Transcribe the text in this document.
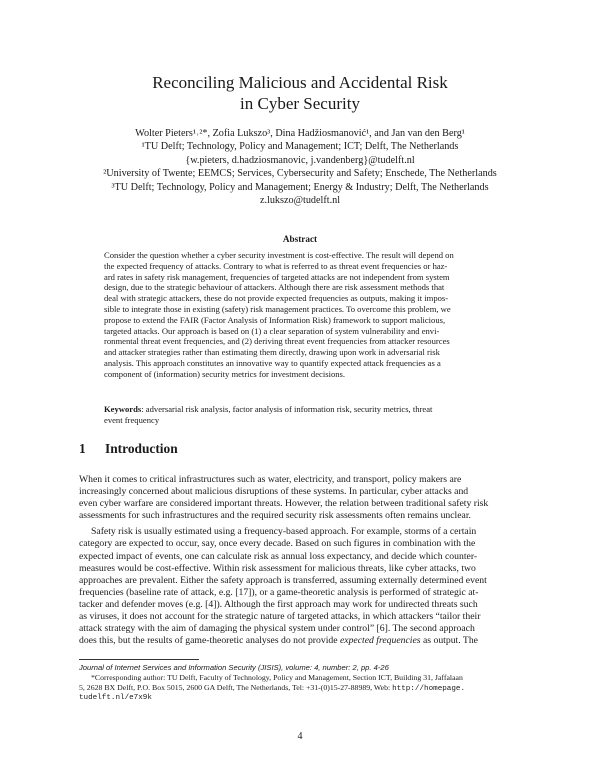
Reconciling Malicious and Accidental Risk
in Cyber Security
Wolter Pieters¹˒²*, Zofia Lukszo³, Dina Hadžiosmanović¹, and Jan van den Berg¹
¹TU Delft; Technology, Policy and Management; ICT; Delft, The Netherlands
{w.pieters, d.hadziosmanovic, j.vandenberg}@tudelft.nl
²University of Twente; EEMCS; Services, Cybersecurity and Safety; Enschede, The Netherlands
³TU Delft; Technology, Policy and Management; Energy & Industry; Delft, The Netherlands
z.lukszo@tudelft.nl
Abstract
Consider the question whether a cyber security investment is cost-effective. The result will depend on
the expected frequency of attacks. Contrary to what is referred to as threat event frequencies or haz-
ard rates in safety risk management, frequencies of targeted attacks are not independent from system
design, due to the strategic behaviour of attackers. Although there are risk assessment methods that
deal with strategic attackers, these do not provide expected frequencies as outputs, making it impos-
sible to integrate those in existing (safety) risk management practices. To overcome this problem, we
propose to extend the FAIR (Factor Analysis of Information Risk) framework to support malicious,
targeted attacks. Our approach is based on (1) a clear separation of system vulnerability and envi-
ronmental threat event frequencies, and (2) deriving threat event frequencies from attacker resources
and attacker strategies rather than estimating them directly, drawing upon work in adversarial risk
analysis. This approach constitutes an innovative way to quantify expected attack frequencies as a
component of (information) security metrics for investment decisions.
Keywords: adversarial risk analysis, factor analysis of information risk, security metrics, threat
event frequency
1 Introduction
When it comes to critical infrastructures such as water, electricity, and transport, policy makers are
increasingly concerned about malicious disruptions of these systems. In particular, cyber attacks and
even cyber warfare are considered important threats. However, the relation between traditional safety risk
assessments for such infrastructures and the required security risk assessments often remains unclear.
Safety risk is usually estimated using a frequency-based approach. For example, storms of a certain
category are expected to occur, say, once every decade. Based on such figures in combination with the
expected impact of events, one can calculate risk as annual loss expectancy, and decide which counter-
measures would be cost-effective. Within risk assessment for malicious threats, like cyber attacks, two
approaches are prevalent. Either the safety approach is transferred, assuming externally determined event
frequencies (baseline rate of attack, e.g. [17]), or a game-theoretic analysis is performed of strategic at-
tacker and defender moves (e.g. [4]). Although the first approach may work for undirected threats such
as viruses, it does not account for the strategic nature of targeted attacks, in which attackers “tailor their
attack strategy with the aim of damaging the physical system under control” [6]. The second approach
does this, but the results of game-theoretic analyses do not provide expected frequencies as output. The
Journal of Internet Services and Information Security (JISIS), volume: 4, number: 2, pp. 4-26
*Corresponding author: TU Delft, Faculty of Technology, Policy and Management, Section ICT, Building 31, Jaffalaan
5, 2628 BX Delft, P.O. Box 5015, 2600 GA Delft, The Netherlands, Tel: +31-(0)15-27-88989, Web: http://homepage.
tudelft.nl/e7x9k
4
